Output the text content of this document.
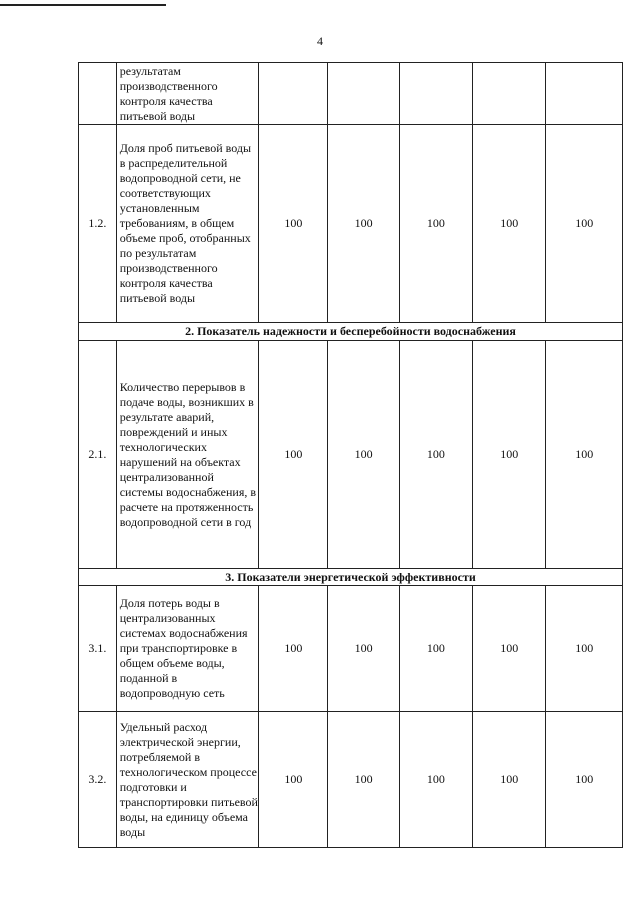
4
	результатам производственного контроля качества питьевой воды					
1.2.	Доля проб питьевой воды в распределительной водопроводной сети, не соответствующих установленным требованиям, в общем объеме проб, отобранных по результатам производственного контроля качества питьевой воды	100	100	100	100	100
2. Показатель надежности и бесперебойности водоснабжения						
2.1.	Количество перерывов в подаче воды, возникших в результате аварий, повреждений и иных технологических нарушений на объектах централизованной системы водоснабжения, в расчете на протяженность водопроводной сети в год	100	100	100	100	100
3. Показатели энергетической эффективности						
3.1.	Доля потерь воды в централизованных системах водоснабжения при транспортировке в общем объеме воды, поданной в водопроводную сеть	100	100	100	100	100
3.2.	Удельный расход электрической энергии, потребляемой в технологическом процессе подготовки и транспортировки питьевой воды, на единицу объема воды	100	100	100	100	100
